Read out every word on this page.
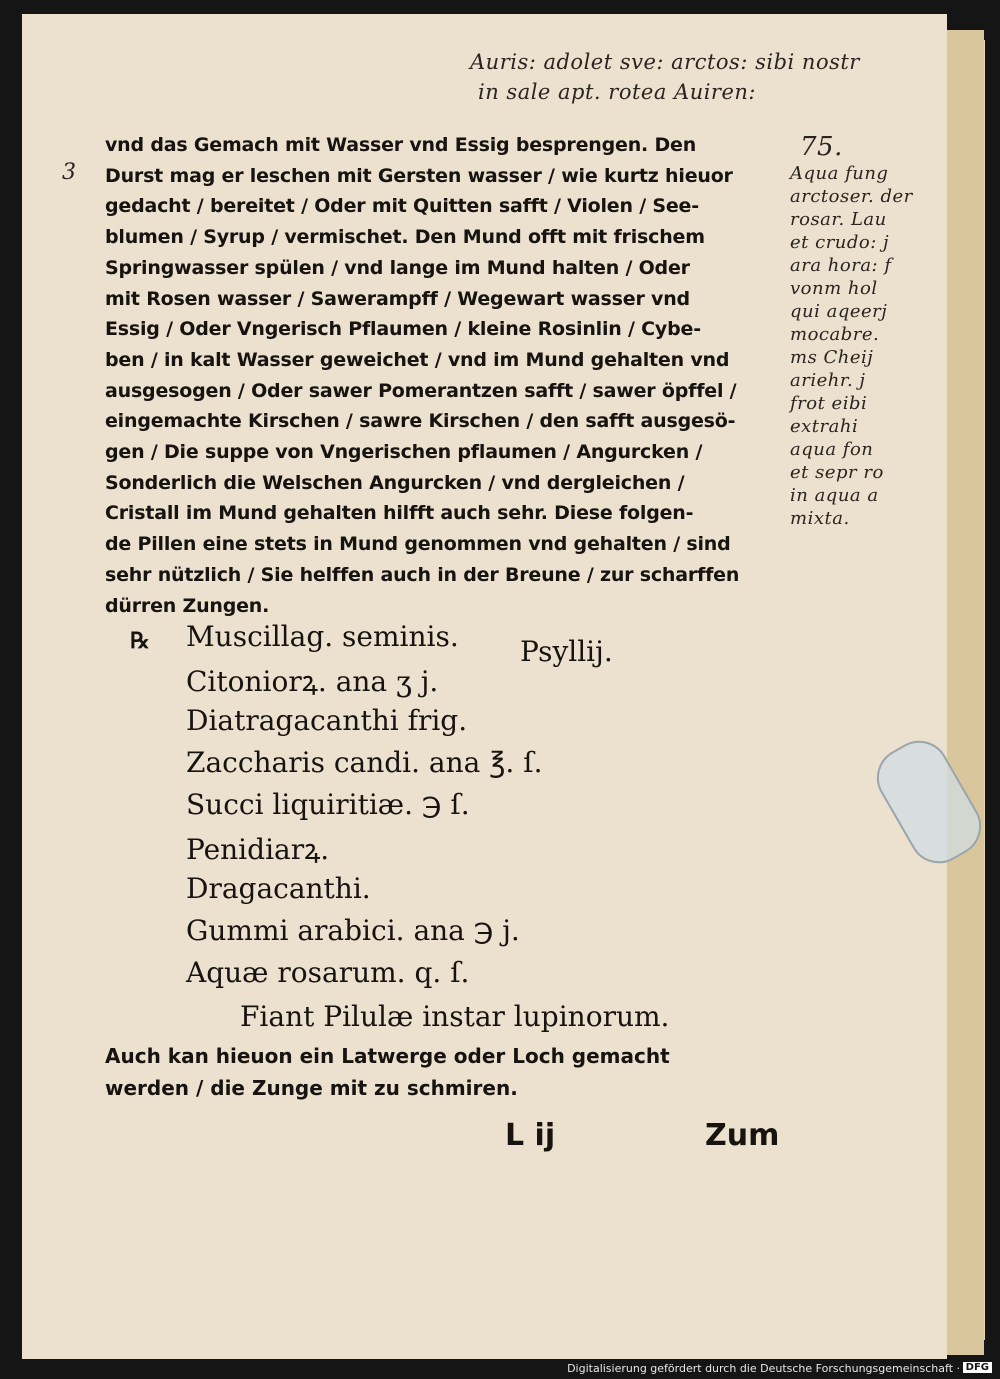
Auris: adolet sve: arctos: sibi nostr
in sale apt. rotea Auiren:
75.
3	Aqua fung
arctoser. der
rosar. Lau
et crudo: j
ara hora: f
vonm hol
qui aqeerj
mocabre.
ms Cheij
ariehr. j
frot eibi
extrahi
aqua fon
et sepr ro
in aqua a
mixta.
vnd das Gemach mit Wasser vnd Essig besprengen. Den
Durst mag er leschen mit Gersten wasser / wie kurtz hieuor
gedacht / bereitet / Oder mit Quitten safft / Violen / See-
blumen / Syrup / vermischet. Den Mund offt mit frischem
Springwasser spülen / vnd lange im Mund halten / Oder
mit Rosen wasser / Sawerampff / Wegewart wasser vnd
Essig / Oder Vngerisch Pflaumen / kleine Rosinlin / Cybe-
ben / in kalt Wasser geweichet / vnd im Mund gehalten vnd
ausgesogen / Oder sawer Pomerantzen safft / sawer öpffel /
eingemachte Kirschen / sawre Kirschen / den safft ausgesö-
gen / Die suppe von Vngerischen pflaumen / Angurcken /
Sonderlich die Welschen Angurcken / vnd dergleichen /
Cristall im Mund gehalten hilfft auch sehr. Diese folgen-
de Pillen eine stets in Mund genommen vnd gehalten / sind
sehr nützlich / Sie helffen auch in der Breune / zur scharffen
dürren Zungen.
℞ Muscillag. seminis.
Citoniorꝝ. ana ʒ j.
Diatragacanthi frig.
Zaccharis candi. ana ℥. ſ.
Succi liquiritiæ. ℈ ſ.
Penidiarꝝ.
Dragacanthi.
Gummi arabici. ana ℈ j.
Aquæ rosarum. q. ſ.
Fiant Pilulæ instar lupinorum.
Psyllij.
Auch kan hieuon ein Latwerge oder Loch gemacht
werden / die Zunge mit zu schmiren.
L ij	Zum
Digitalisierung gefördert durch die Deutsche Forschungsgemeinschaft · DFG
